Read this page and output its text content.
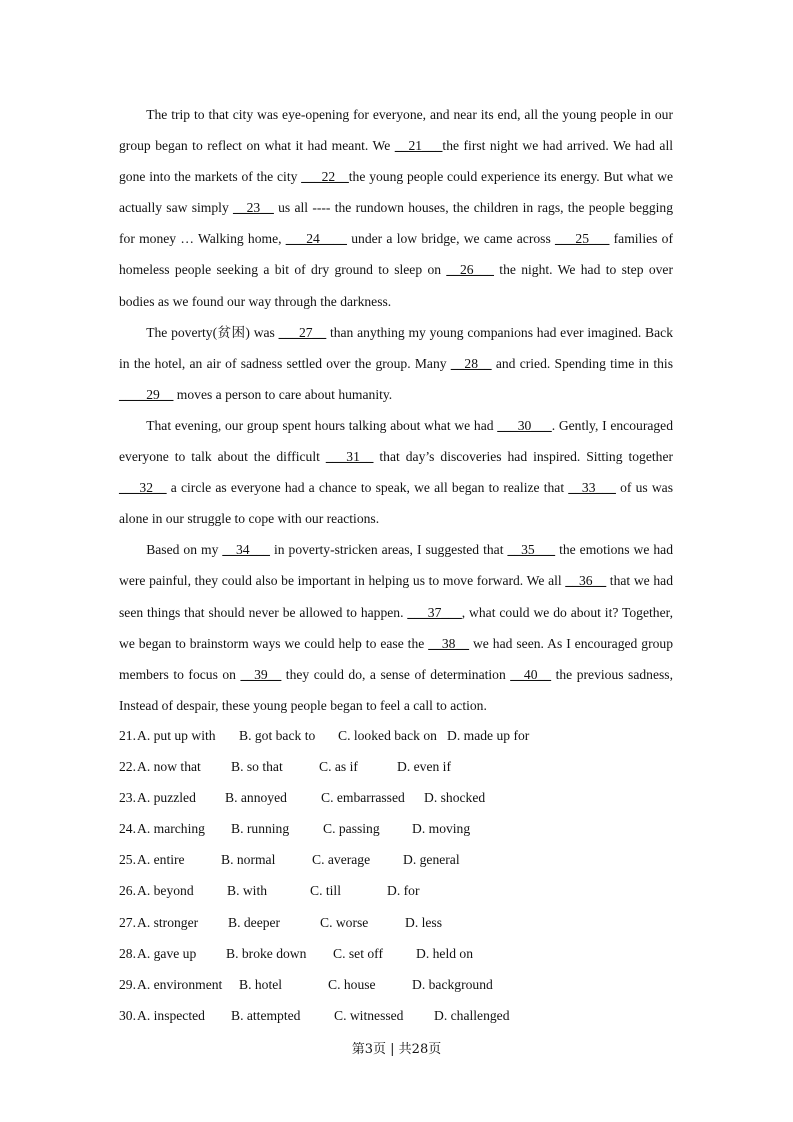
The trip to that city was eye-opening for everyone, and near its end, all the young people in our group began to reflect on what it had meant. We __21___the first night we had arrived. We had all gone into the markets of the city ___22__the young people could experience its energy. But what we actually saw simply __23__ us all ---- the rundown houses, the children in rags, the people begging for money … Walking home, ___24____ under a low bridge, we came across ___25___ families of homeless people seeking a bit of dry ground to sleep on __26___ the night. We had to step over bodies as we found our way through the darkness.

The poverty(贫困) was ___27__ than anything my young companions had ever imagined. Back in the hotel, an air of sadness settled over the group. Many __28__ and cried. Spending time in this ____29__ moves a person to care about humanity.

That evening, our group spent hours talking about what we had ___30___. Gently, I encouraged everyone to talk about the difficult ___31__ that day’s discoveries had inspired. Sitting together ___32__ a circle as everyone had a chance to speak, we all began to realize that __33___ of us was alone in our struggle to cope with our reactions.

Based on my __34___ in poverty-stricken areas, I suggested that __35___ the emotions we had were painful, they could also be important in helping us to move forward. We all __36__ that we had seen things that should never be allowed to happen. ___37___, what could we do about it? Together, we began to brainstorm ways we could help to ease the __38__ we had seen. As I encouraged group members to focus on __39__ they could do, a sense of determination __40__ the previous sadness, Instead of despair, these young people began to feel a call to action.

21. A. put up with B. got back to C. looked back on D. made up for
22. A. now that B. so that	C. as if	D. even if
23. A. puzzled B. annoyed	C. embarrassed D. shocked
24. A. marching B. running C. passing D. moving
25. A. entire	B. normal	C. average D. general
26. A. beyond B. with	C. till	D. for
27. A. stronger B. deeper	C. worse	D. less
28. A. gave up B. broke down C. set off D. held on
29. A. environment B. hotel	C. house	D. background
30. A. inspected B. attempted C. witnessed D. challenged
第3页 | 共28页
